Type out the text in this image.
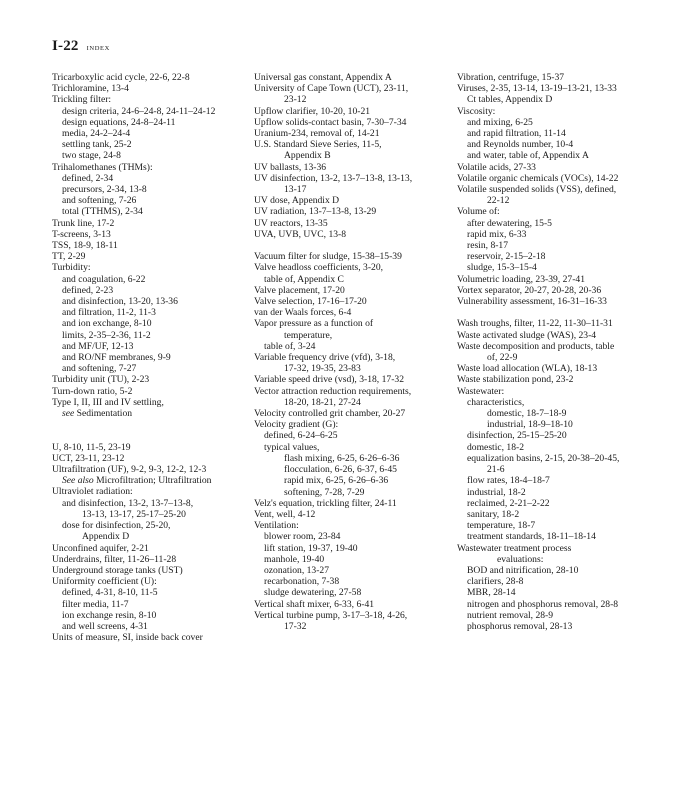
I-22 INDEX
Tricarboxylic acid cycle, 22-6, 22-8
Trichloramine, 13-4
Trickling filter:
design criteria, 24-6–24-8, 24-11–24-12
design equations, 24-8–24-11
media, 24-2–24-4
settling tank, 25-2
two stage, 24-8
Trihalomethanes (THMs):
defined, 2-34
precursors, 2-34, 13-8
and softening, 7-26
total (TTHMS), 2-34
Trunk line, 17-2
T-screens, 3-13
TSS, 18-9, 18-11
TT, 2-29
Turbidity:
and coagulation, 6-22
defined, 2-23
and disinfection, 13-20, 13-36
and filtration, 11-2, 11-3
and ion exchange, 8-10
limits, 2-35–2-36, 11-2
and MF/UF, 12-13
and RO/NF membranes, 9-9
and softening, 7-27
Turbidity unit (TU), 2-23
Turn-down ratio, 5-2
Type I, II, III and IV settling,
see Sedimentation
U, 8-10, 11-5, 23-19
UCT, 23-11, 23-12
Ultrafiltration (UF), 9-2, 9-3, 12-2, 12-3
See also Microfiltration; Ultrafiltration
Ultraviolet radiation:
and disinfection, 13-2, 13-7–13-8,
13-13, 13-17, 25-17–25-20
dose for disinfection, 25-20,
Appendix D
Unconfined aquifer, 2-21
Underdrains, filter, 11-26–11-28
Underground storage tanks (UST)
Uniformity coefficient (U):
defined, 4-31, 8-10, 11-5
filter media, 11-7
ion exchange resin, 8-10
and well screens, 4-31
Units of measure, SI, inside back cover
Universal gas constant, Appendix A
University of Cape Town (UCT), 23-11,
23-12
Upflow clarifier, 10-20, 10-21
Upflow solids-contact basin, 7-30–7-34
Uranium-234, removal of, 14-21
U.S. Standard Sieve Series, 11-5,
Appendix B
UV ballasts, 13-36
UV disinfection, 13-2, 13-7–13-8, 13-13,
13-17
UV dose, Appendix D
UV radiation, 13-7–13-8, 13-29
UV reactors, 13-35
UVA, UVB, UVC, 13-8
Vacuum filter for sludge, 15-38–15-39
Valve headloss coefficients, 3-20,
table of, Appendix C
Valve placement, 17-20
Valve selection, 17-16–17-20
van der Waals forces, 6-4
Vapor pressure as a function of
temperature,
table of, 3-24
Variable frequency drive (vfd), 3-18,
17-32, 19-35, 23-83
Variable speed drive (vsd), 3-18, 17-32
Vector attraction reduction requirements,
18-20, 18-21, 27-24
Velocity controlled grit chamber, 20-27
Velocity gradient (G):
defined, 6-24–6-25
typical values,
flash mixing, 6-25, 6-26–6-36
flocculation, 6-26, 6-37, 6-45
rapid mix, 6-25, 6-26–6-36
softening, 7-28, 7-29
Velz's equation, trickling filter, 24-11
Vent, well, 4-12
Ventilation:
blower room, 23-84
lift station, 19-37, 19-40
manhole, 19-40
ozonation, 13-27
recarbonation, 7-38
sludge dewatering, 27-58
Vertical shaft mixer, 6-33, 6-41
Vertical turbine pump, 3-17–3-18, 4-26,
17-32
Vibration, centrifuge, 15-37
Viruses, 2-35, 13-14, 13-19–13-21, 13-33
Ct tables, Appendix D
Viscosity:
and mixing, 6-25
and rapid filtration, 11-14
and Reynolds number, 10-4
and water, table of, Appendix A
Volatile acids, 27-33
Volatile organic chemicals (VOCs), 14-22
Volatile suspended solids (VSS), defined,
22-12
Volume of:
after dewatering, 15-5
rapid mix, 6-33
resin, 8-17
reservoir, 2-15–2-18
sludge, 15-3–15-4
Volumetric loading, 23-39, 27-41
Vortex separator, 20-27, 20-28, 20-36
Vulnerability assessment, 16-31–16-33
Wash troughs, filter, 11-22, 11-30–11-31
Waste activated sludge (WAS), 23-4
Waste decomposition and products, table
of, 22-9
Waste load allocation (WLA), 18-13
Waste stabilization pond, 23-2
Wastewater:
characteristics,
domestic, 18-7–18-9
industrial, 18-9–18-10
disinfection, 25-15–25-20
domestic, 18-2
equalization basins, 2-15, 20-38–20-45,
21-6
flow rates, 18-4–18-7
industrial, 18-2
reclaimed, 2-21–2-22
sanitary, 18-2
temperature, 18-7
treatment standards, 18-11–18-14
Wastewater treatment process
evaluations:
BOD and nitrification, 28-10
clarifiers, 28-8
MBR, 28-14
nitrogen and phosphorus removal, 28-8
nutrient removal, 28-9
phosphorus removal, 28-13
